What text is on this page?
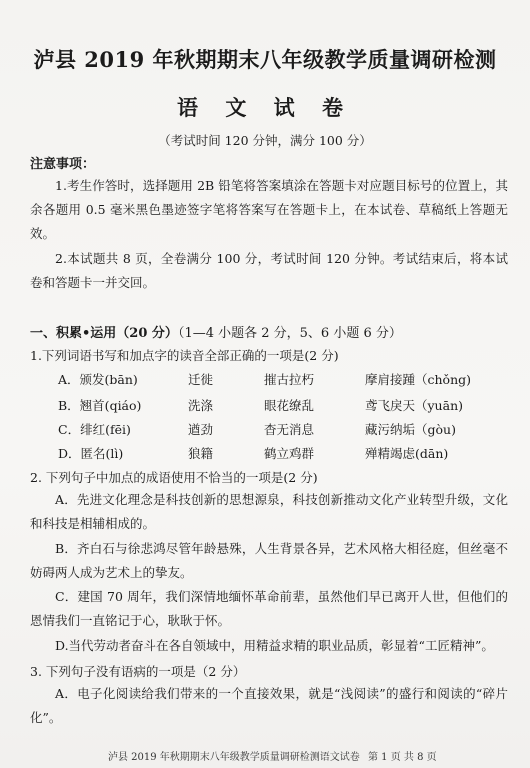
泸县 2019 年秋期期末八年级教学质量调研检测
语 文 试 卷
（考试时间 120 分钟，满分 100 分）
注意事项：
1.考生作答时，选择题用 2B 铅笔将答案填涂在答题卡对应题目标号的位置上，其余各题用 0.5 毫米黑色墨迹签字笔将答案写在答题卡上，在本试卷、草稿纸上答题无效。
2.本试题共 8 页，全卷满分 100 分，考试时间 120 分钟。考试结束后，将本试卷和答题卡一并交回。
一、积累•运用（20 分）（1—4 小题各 2 分，5、6 小题 6 分）
1.下列词语书写和加点字的读音全部正确的一项是(2 分)
A．颁发(bān)	迁徙	摧古拉朽	摩肩接踵（chǒng)
B．翘首(qiáo)	洗涤	眼花缭乱	鸢飞戾天（yuān)
C．绯红(fēi)	遒劲	杳无消息	藏污纳垢（gòu)
D．匿名(lì)	狼籍	鹤立鸡群	殚精竭虑(dān)
2. 下列句子中加点的成语使用不恰当的一项是(2 分)
A．先进文化理念是科技创新的思想源泉，科技创新推动文化产业转型升级，文化和科技是相辅相成的。
B．齐白石与徐悲鸿尽管年龄悬殊，人生背景各异，艺术风格大相径庭，但丝毫不妨碍两人成为艺术上的挚友。
C．建国 70 周年，我们深情地缅怀革命前辈，虽然他们早已离开人世，但他们的恩情我们一直铭记于心，耿耿于怀。
D.当代劳动者奋斗在各自领域中，用精益求精的职业品质，彰显着“工匠精神”。
3. 下列句子没有语病的一项是（2 分）
A．电子化阅读给我们带来的一个直接效果，就是“浅阅读”的盛行和阅读的“碎片化”。
泸县 2019 年秋期期末八年级教学质量调研检测语文试卷 第 1 页 共 8 页
